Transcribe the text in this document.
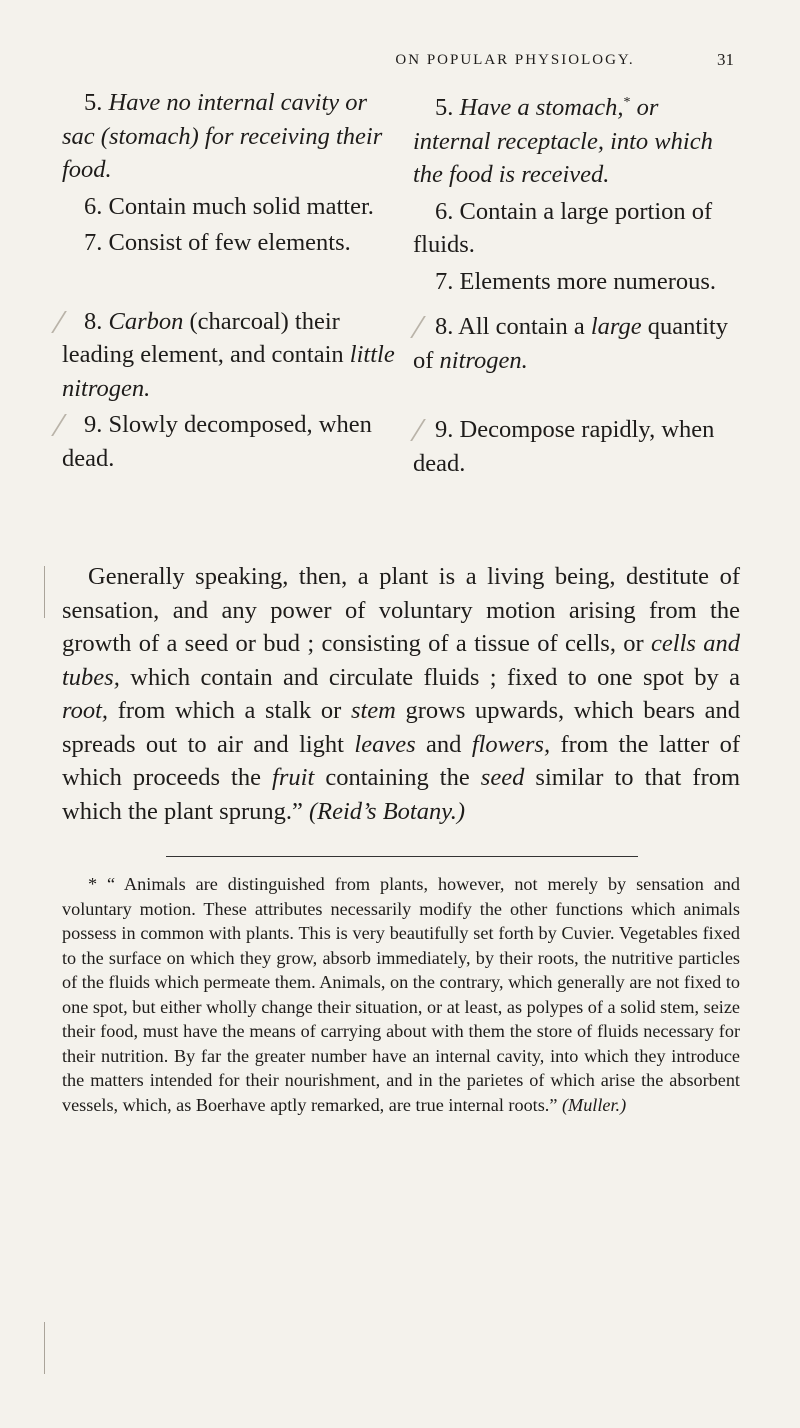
ON POPULAR PHYSIOLOGY.	31

5. Have no internal cavity or sac (stomach) for receiving their food.

6. Contain much solid matter.

7. Consist of few elements.

8. Carbon (charcoal) their leading element, and contain little nitrogen.

9. Slowly decomposed, when dead.

5. Have a stomach,* or internal receptacle, into which the food is received.

6. Contain a large portion of fluids.

7. Elements more numerous.

8. All contain a large quantity of nitrogen.

9. Decompose rapidly, when dead.

Generally speaking, then, a plant is a living being, destitute of sensation, and any power of voluntary motion arising from the growth of a seed or bud ; consisting of a tissue of cells, or cells and tubes, which contain and circulate fluids ; fixed to one spot by a root, from which a stalk or stem grows upwards, which bears and spreads out to air and light leaves and flowers, from the latter of which proceeds the fruit containing the seed similar to that from which the plant sprung.” (Reid’s Botany.)

* “ Animals are distinguished from plants, however, not merely by sensation and voluntary motion. These attributes necessarily modify the other functions which animals possess in common with plants. This is very beautifully set forth by Cuvier. Vegetables fixed to the surface on which they grow, absorb immediately, by their roots, the nutritive particles of the fluids which permeate them. Animals, on the contrary, which generally are not fixed to one spot, but either wholly change their situation, or at least, as polypes of a solid stem, seize their food, must have the means of carrying about with them the store of fluids necessary for their nutrition. By far the greater number have an internal cavity, into which they introduce the matters intended for their nourishment, and in the parietes of which arise the absorbent vessels, which, as Boerhave aptly remarked, are true internal roots.” (Muller.)
